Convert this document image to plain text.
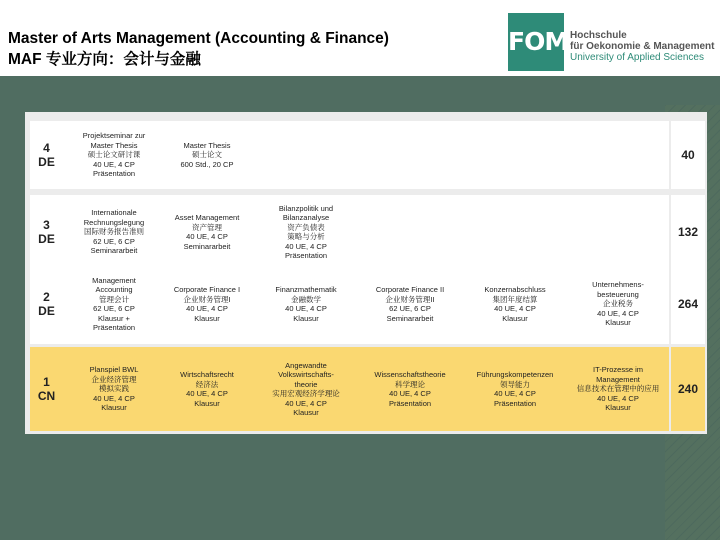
Master of Arts Management (Accounting & Finance)
MAF 专业方向：会计与金融
FOM Hochschule
für Oekonomie & Management
University of Applied Sciences
4
DE
Projektseminar zur
Master Thesis
硕士论文研讨课
40 UE, 4 CP
Präsentation
Master Thesis
硕士论文
600 Std., 20 CP
40
3
DE
Internationale
Rechnungslegung
国际财务报告准则
62 UE, 6 CP
Seminararbeit
Asset Management
资产管理
40 UE, 4 CP
Seminararbeit
Bilanzpolitik und
Bilanzanalyse
资产负债表
策略与分析
40 UE, 4 CP
Präsentation
132
2
DE
Management
Accounting
管理会计
62 UE, 6 CP
Klausur +
Präsentation
Corporate Finance I
企业财务管理I
40 UE, 4 CP
Klausur
Finanzmathematik
金融数学
40 UE, 4 CP
Klausur
Corporate Finance II
企业财务管理II
62 UE, 6 CP
Seminararbeit
Konzernabschluss
集团年度结算
40 UE, 4 CP
Klausur
Unternehmens-
besteuerung
企业税务
40 UE, 4 CP
Klausur
264
1
CN
Planspiel BWL
企业经济管理
模拟实践
40 UE, 4 CP
Klausur
Wirtschaftsrecht
经济法
40 UE, 4 CP
Klausur
Angewandte
Volkswirtschafts-
theorie
实用宏观经济学理论
40 UE, 4 CP
Klausur
Wissenschaftstheorie
科学理论
40 UE, 4 CP
Präsentation
Führungskompetenzen
领导能力
40 UE, 4 CP
Präsentation
IT-Prozesse im
Management
信息技术在管理中的应用
40 UE, 4 CP
Klausur
240
